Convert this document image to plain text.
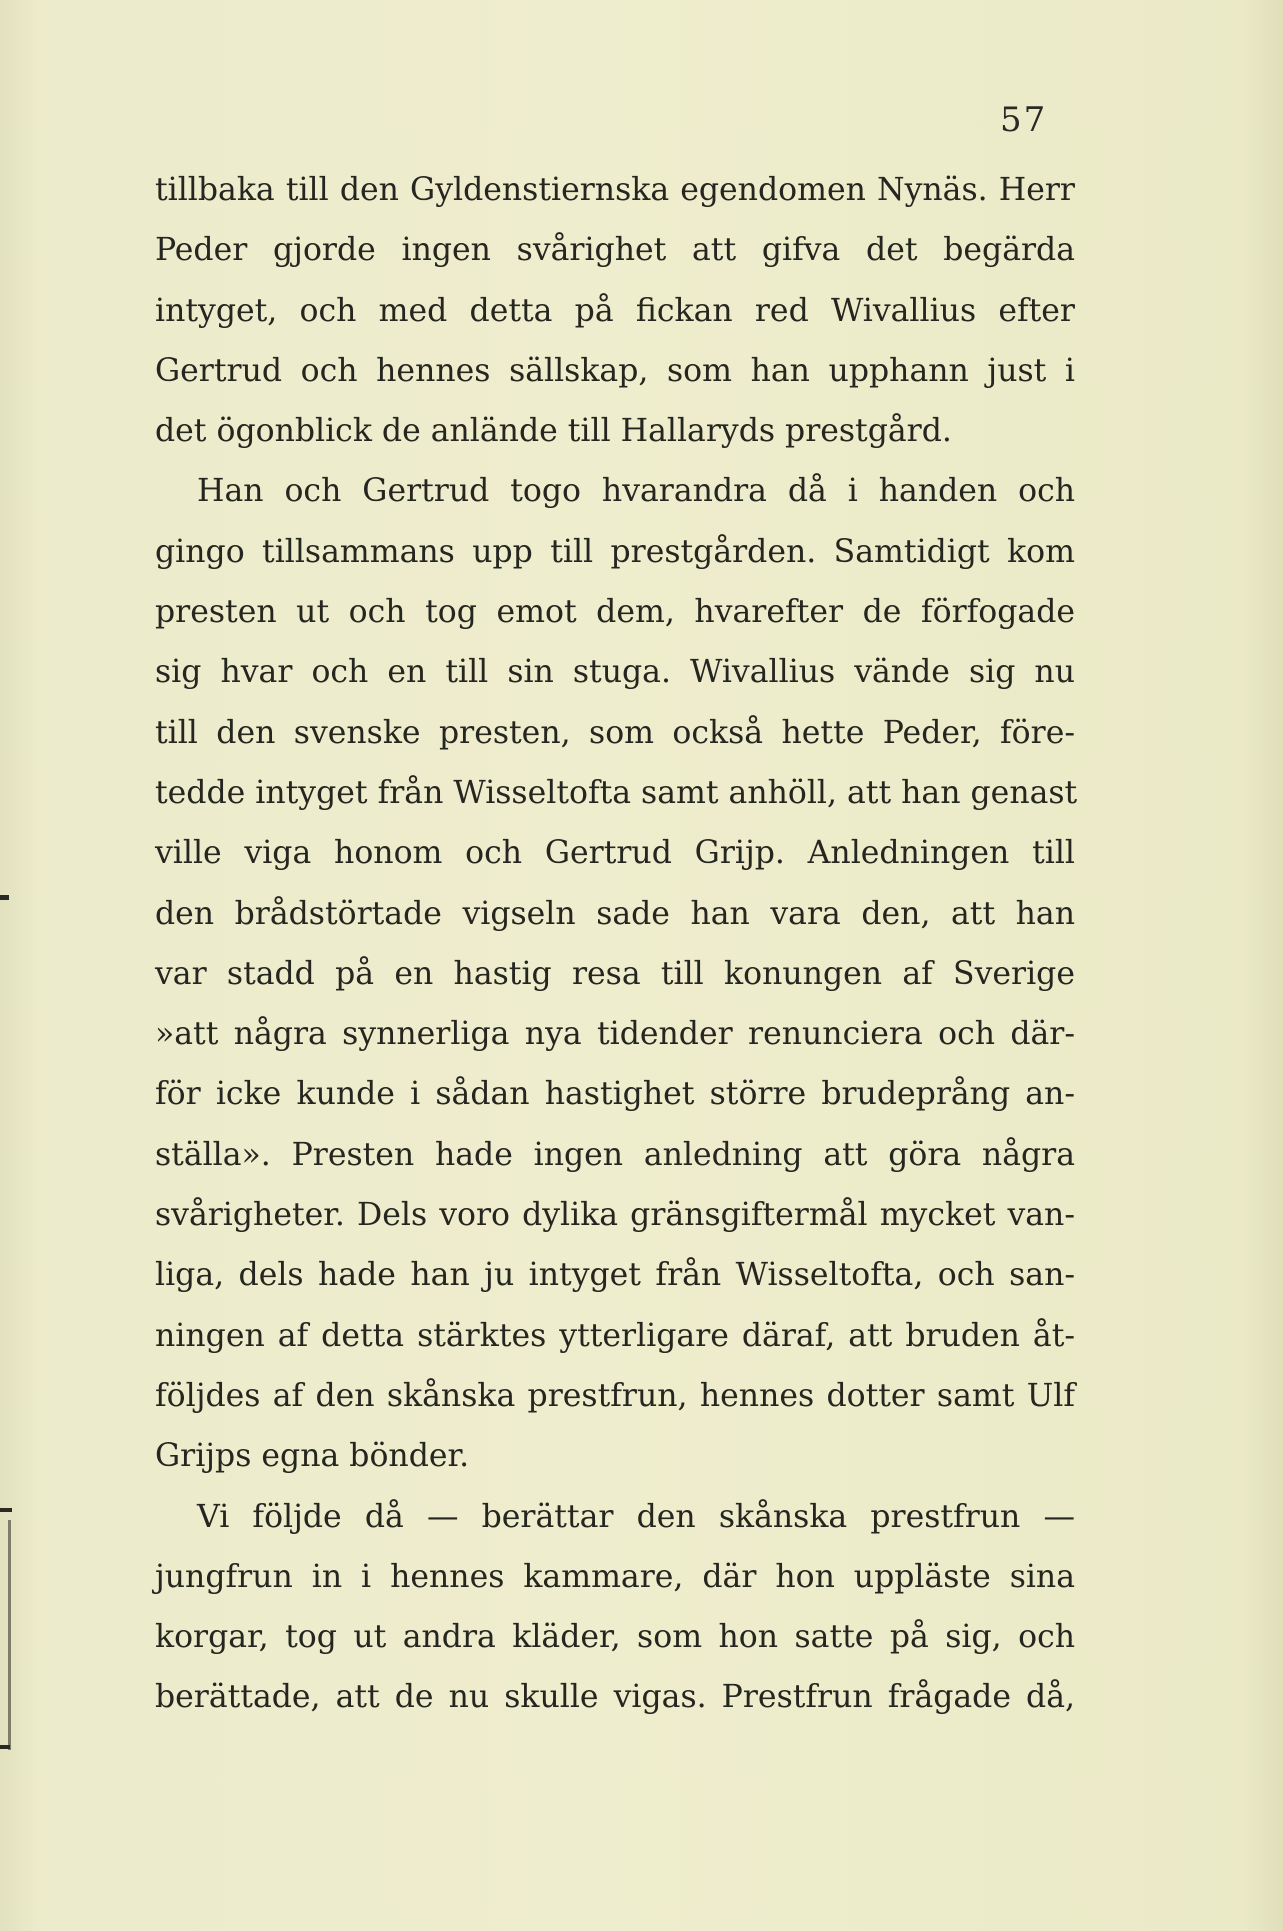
57
tillbaka till den Gyldenstiernska egendomen Nynäs. Herr
Peder gjorde ingen svårighet att gifva det begärda
intyget, och med detta på fickan red Wivallius efter
Gertrud och hennes sällskap, som han upphann just i
det ögonblick de anlände till Hallaryds prestgård.
Han och Gertrud togo hvarandra då i handen och
gingo tillsammans upp till prestgården. Samtidigt kom
presten ut och tog emot dem, hvarefter de förfogade
sig hvar och en till sin stuga. Wivallius vände sig nu
till den svenske presten, som också hette Peder, före-
tedde intyget från Wisseltofta samt anhöll, att han genast
ville viga honom och Gertrud Grijp. Anledningen till
den brådstörtade vigseln sade han vara den, att han
var stadd på en hastig resa till konungen af Sverige
»att några synnerliga nya tidender renunciera och där-
för icke kunde i sådan hastighet större brudeprång an-
ställa». Presten hade ingen anledning att göra några
svårigheter. Dels voro dylika gränsgiftermål mycket van-
liga, dels hade han ju intyget från Wisseltofta, och san-
ningen af detta stärktes ytterligare däraf, att bruden åt-
följdes af den skånska prestfrun, hennes dotter samt Ulf
Grijps egna bönder.
Vi följde då — berättar den skånska prestfrun —
jungfrun in i hennes kammare, där hon uppläste sina
korgar, tog ut andra kläder, som hon satte på sig, och
berättade, att de nu skulle vigas. Prestfrun frågade då,
